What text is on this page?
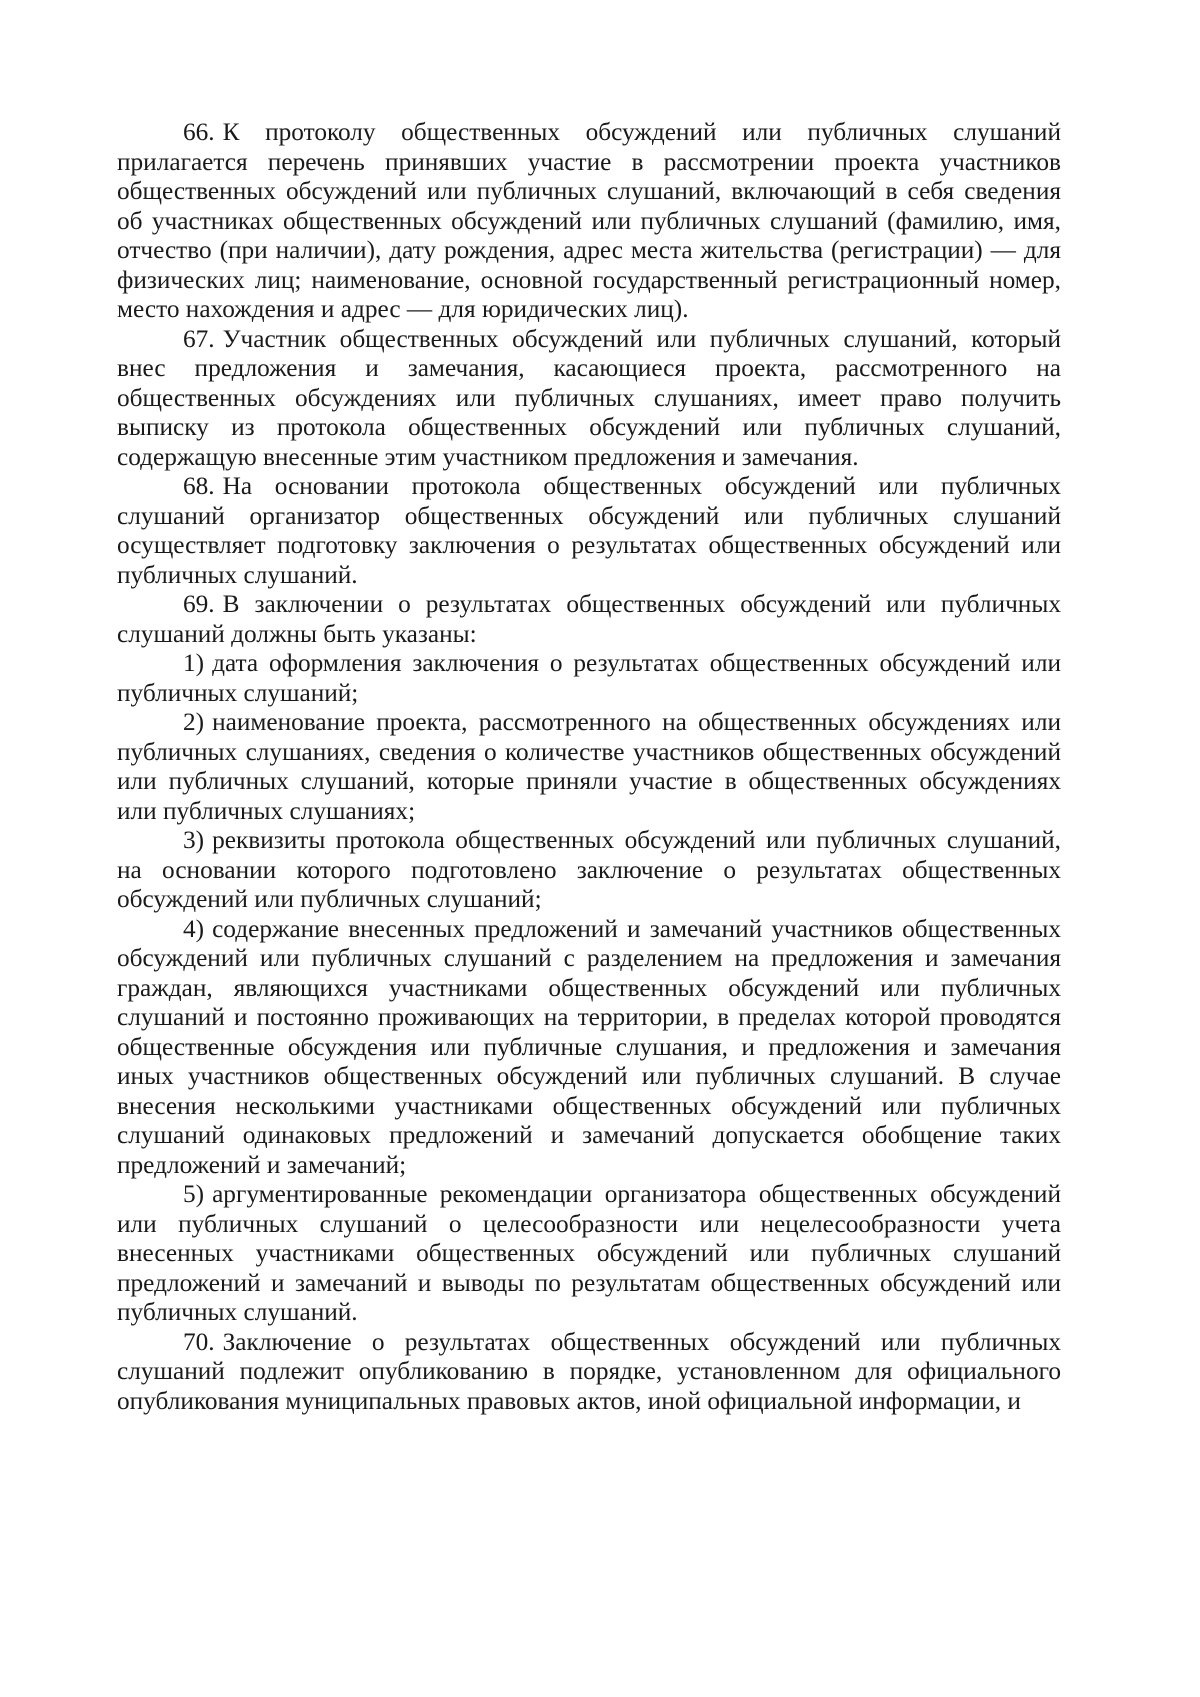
66. К протоколу общественных обсуждений или публичных слушаний прилагается перечень принявших участие в рассмотрении проекта участников общественных обсуждений или публичных слушаний, включающий в себя сведения об участниках общественных обсуждений или публичных слушаний (фамилию, имя, отчество (при наличии), дату рождения, адрес места жительства (регистрации) — для физических лиц; наименование, основной государственный регистрационный номер, место нахождения и адрес — для юридических лиц).

67. Участник общественных обсуждений или публичных слушаний, который внес предложения и замечания, касающиеся проекта, рассмотренного на общественных обсуждениях или публичных слушаниях, имеет право получить выписку из протокола общественных обсуждений или публичных слушаний, содержащую внесенные этим участником предложения и замечания.

68. На основании протокола общественных обсуждений или публичных слушаний организатор общественных обсуждений или публичных слушаний осуществляет подготовку заключения о результатах общественных обсуждений или публичных слушаний.

69. В заключении о результатах общественных обсуждений или публичных слушаний должны быть указаны:

1) дата оформления заключения о результатах общественных обсуждений или публичных слушаний;

2) наименование проекта, рассмотренного на общественных обсуждениях или публичных слушаниях, сведения о количестве участников общественных обсуждений или публичных слушаний, которые приняли участие в общественных обсуждениях или публичных слушаниях;

3) реквизиты протокола общественных обсуждений или публичных слушаний, на основании которого подготовлено заключение о результатах общественных обсуждений или публичных слушаний;

4) содержание внесенных предложений и замечаний участников общественных обсуждений или публичных слушаний с разделением на предложения и замечания граждан, являющихся участниками общественных обсуждений или публичных слушаний и постоянно проживающих на территории, в пределах которой проводятся общественные обсуждения или публичные слушания, и предложения и замечания иных участников общественных обсуждений или публичных слушаний. В случае внесения несколькими участниками общественных обсуждений или публичных слушаний одинаковых предложений и замечаний допускается обобщение таких предложений и замечаний;

5) аргументированные рекомендации организатора общественных обсуждений или публичных слушаний о целесообразности или нецелесообразности учета внесенных участниками общественных обсуждений или публичных слушаний предложений и замечаний и выводы по результатам общественных обсуждений или публичных слушаний.

70. Заключение о результатах общественных обсуждений или публичных слушаний подлежит опубликованию в порядке, установленном для официального опубликования муниципальных правовых актов, иной официальной информации, и
